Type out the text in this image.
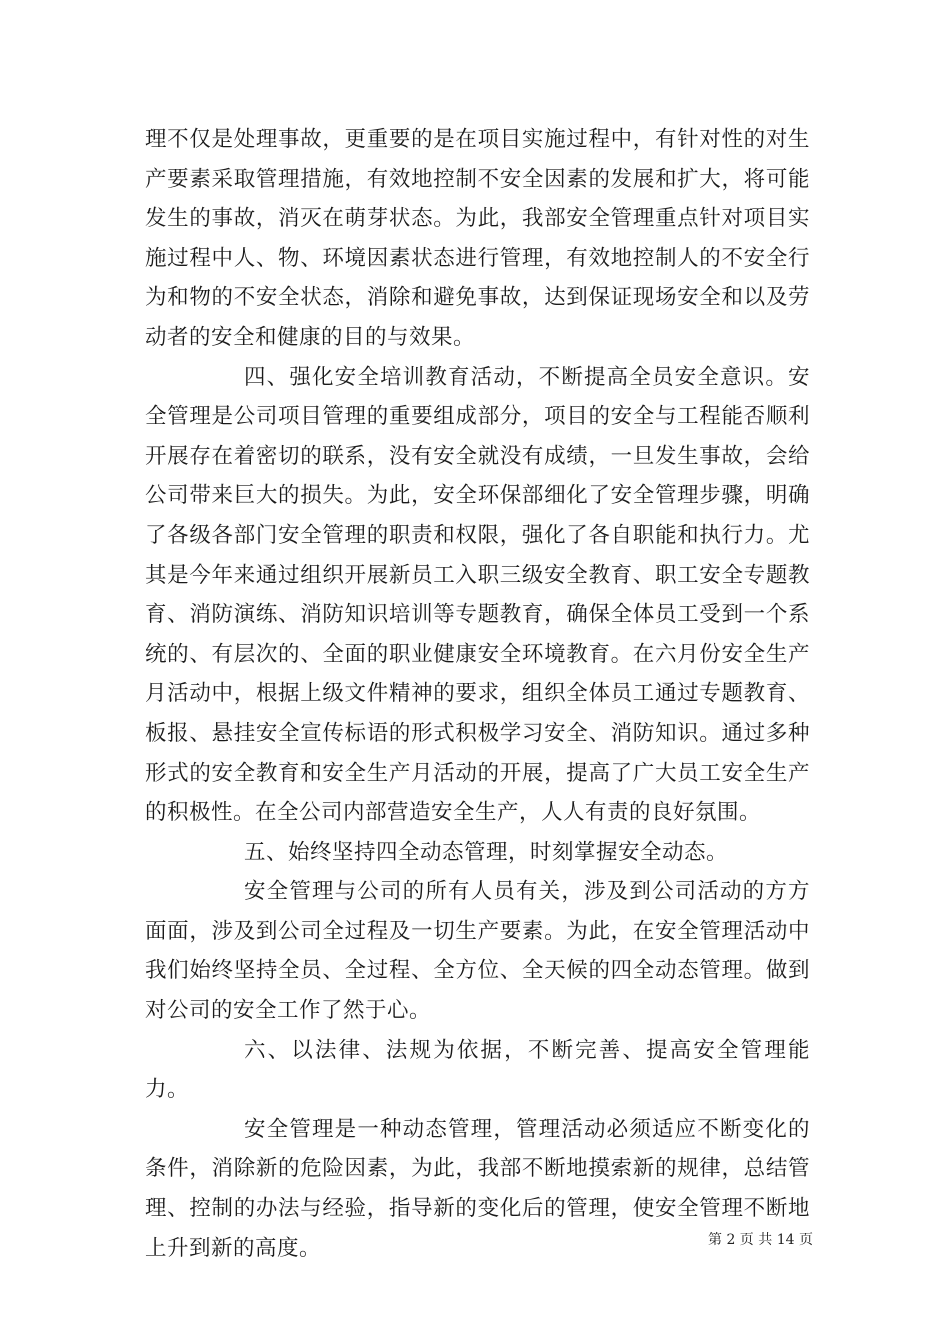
理不仅是处理事故，更重要的是在项目实施过程中，有针对性的对生产要素采取管理措施，有效地控制不安全因素的发展和扩大，将可能发生的事故，消灭在萌芽状态。为此，我部安全管理重点针对项目实施过程中人、物、环境因素状态进行管理，有效地控制人的不安全行为和物的不安全状态，消除和避免事故，达到保证现场安全和以及劳动者的安全和健康的目的与效果。

四、强化安全培训教育活动，不断提高全员安全意识。安全管理是公司项目管理的重要组成部分，项目的安全与工程能否顺利开展存在着密切的联系，没有安全就没有成绩，一旦发生事故，会给公司带来巨大的损失。为此，安全环保部细化了安全管理步骤，明确了各级各部门安全管理的职责和权限，强化了各自职能和执行力。尤其是今年来通过组织开展新员工入职三级安全教育、职工安全专题教育、消防演练、消防知识培训等专题教育，确保全体员工受到一个系统的、有层次的、全面的职业健康安全环境教育。在六月份安全生产月活动中，根据上级文件精神的要求，组织全体员工通过专题教育、板报、悬挂安全宣传标语的形式积极学习安全、消防知识。通过多种形式的安全教育和安全生产月活动的开展，提高了广大员工安全生产的积极性。在全公司内部营造安全生产，人人有责的良好氛围。

五、始终坚持四全动态管理，时刻掌握安全动态。

安全管理与公司的所有人员有关，涉及到公司活动的方方面面，涉及到公司全过程及一切生产要素。为此，在安全管理活动中我们始终坚持全员、全过程、全方位、全天候的四全动态管理。做到对公司的安全工作了然于心。

六、以法律、法规为依据，不断完善、提高安全管理能力。

安全管理是一种动态管理，管理活动必须适应不断变化的条件，消除新的危险因素，为此，我部不断地摸索新的规律，总结管理、控制的办法与经验，指导新的变化后的管理，使安全管理不断地上升到新的高度。	第 2 页 共 14 页
